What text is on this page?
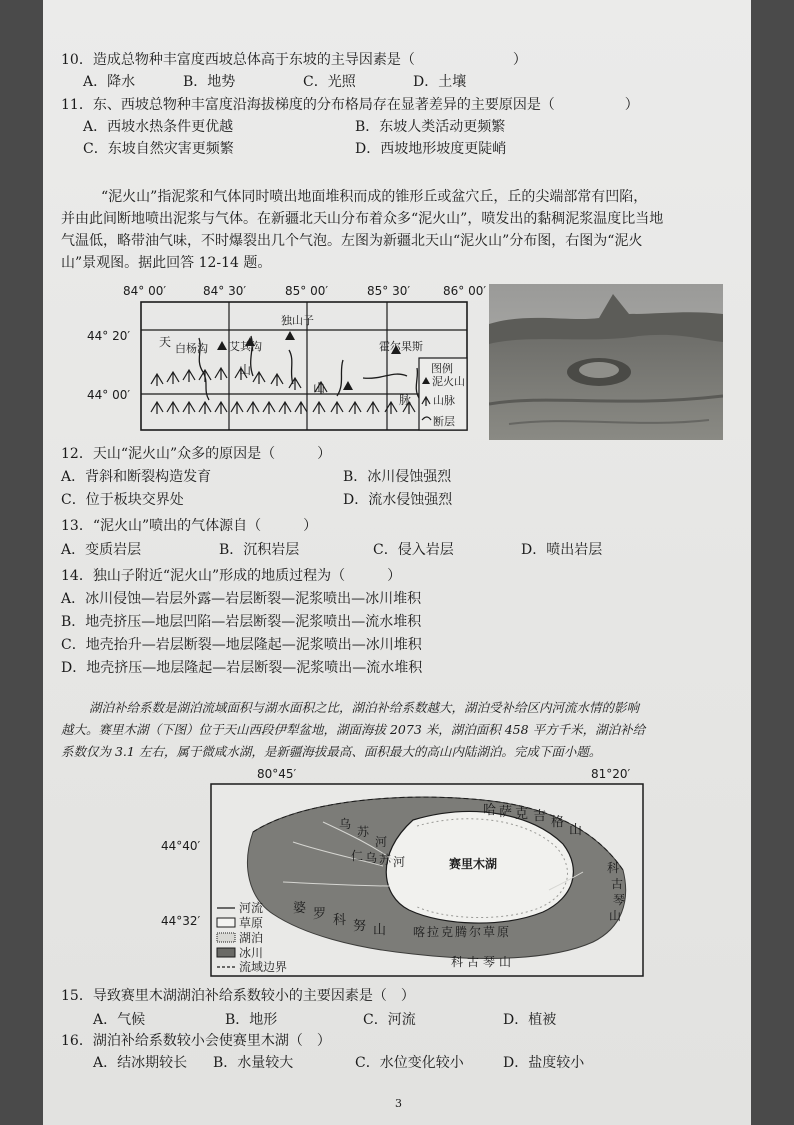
10．造成总物种丰富度西坡总体高于东坡的主导因素是（　　　　　　　）
A．降水	B．地势	C．光照	D．土壤
11．东、西坡总物种丰富度沿海拔梯度的分布格局存在显著差异的主要原因是（　　　　　）
A．西坡水热条件更优越	B．东坡人类活动更频繁
C．东坡自然灾害更频繁	D．西坡地形坡度更陡峭
“泥火山”指泥浆和气体同时喷出地面堆积而成的锥形丘或盆穴丘，丘的尖端部常有凹陷，
并由此间断地喷出泥浆与气体。在新疆北天山分布着众多“泥火山”，喷发出的黏稠泥浆温度比当地
气温低，略带油气味，不时爆裂出几个气泡。左图为新疆北天山“泥火山”分布图，右图为“泥火
山”景观图。据此回答 12-14 题。
84° 00′	84° 30′	85° 00′	85° 30′	86° 00′
44° 20′
44° 00′
独山子
霍尔果斯
白杨沟 艾其沟
天
山
山
脉
图例
泥火山
山脉
断层
12．天山“泥火山”众多的原因是（　　　）
A．背斜和断裂构造发育	B．冰川侵蚀强烈
C．位于板块交界处	D．流水侵蚀强烈
13．“泥火山”喷出的气体源自（　　　）
A．变质岩层	B．沉积岩层	C．侵入岩层	D．喷出岩层
14．独山子附近“泥火山”形成的地质过程为（　　　）
A．冰川侵蚀—岩层外露—岩层断裂—泥浆喷出—冰川堆积
B．地壳挤压—地层凹陷—岩层断裂—泥浆喷出—流水堆积
C．地壳抬升—岩层断裂—地层隆起—泥浆喷出—冰川堆积
D．地壳挤压—地层隆起—岩层断裂—泥浆喷出—流水堆积
湖泊补给系数是湖泊流域面积与湖水面积之比，湖泊补给系数越大，湖泊受补给区内河流水情的影响
越大。赛里木湖（下图）位于天山西段伊犁盆地，湖面海拔 2073 米，湖泊面积 458 平方千米，湖泊补给
系数仅为 3.1 左右，属于微咸水湖，是新疆海拔最高、面积最大的高山内陆湖泊。完成下面小题。
80°45′	81°20′
44°40′
44°32′
赛里木湖
哈 萨 克 吉 格
山
乌
苏
河
科
古
琴
山
婆 罗 科 努 山 喀 拉 克 腾 尔 草 原
科 古 琴 山
仁 乌 苏 河
河流
草原
湖泊
冰川
流域边界
15．导致赛里木湖湖泊补给系数较小的主要因素是（　）
A．气候	B．地形	C．河流	D．植被
16．湖泊补给系数较小会使赛里木湖（　）
A．结冰期较长 B．水量较大	C．水位变化较小	D．盐度较小
3
